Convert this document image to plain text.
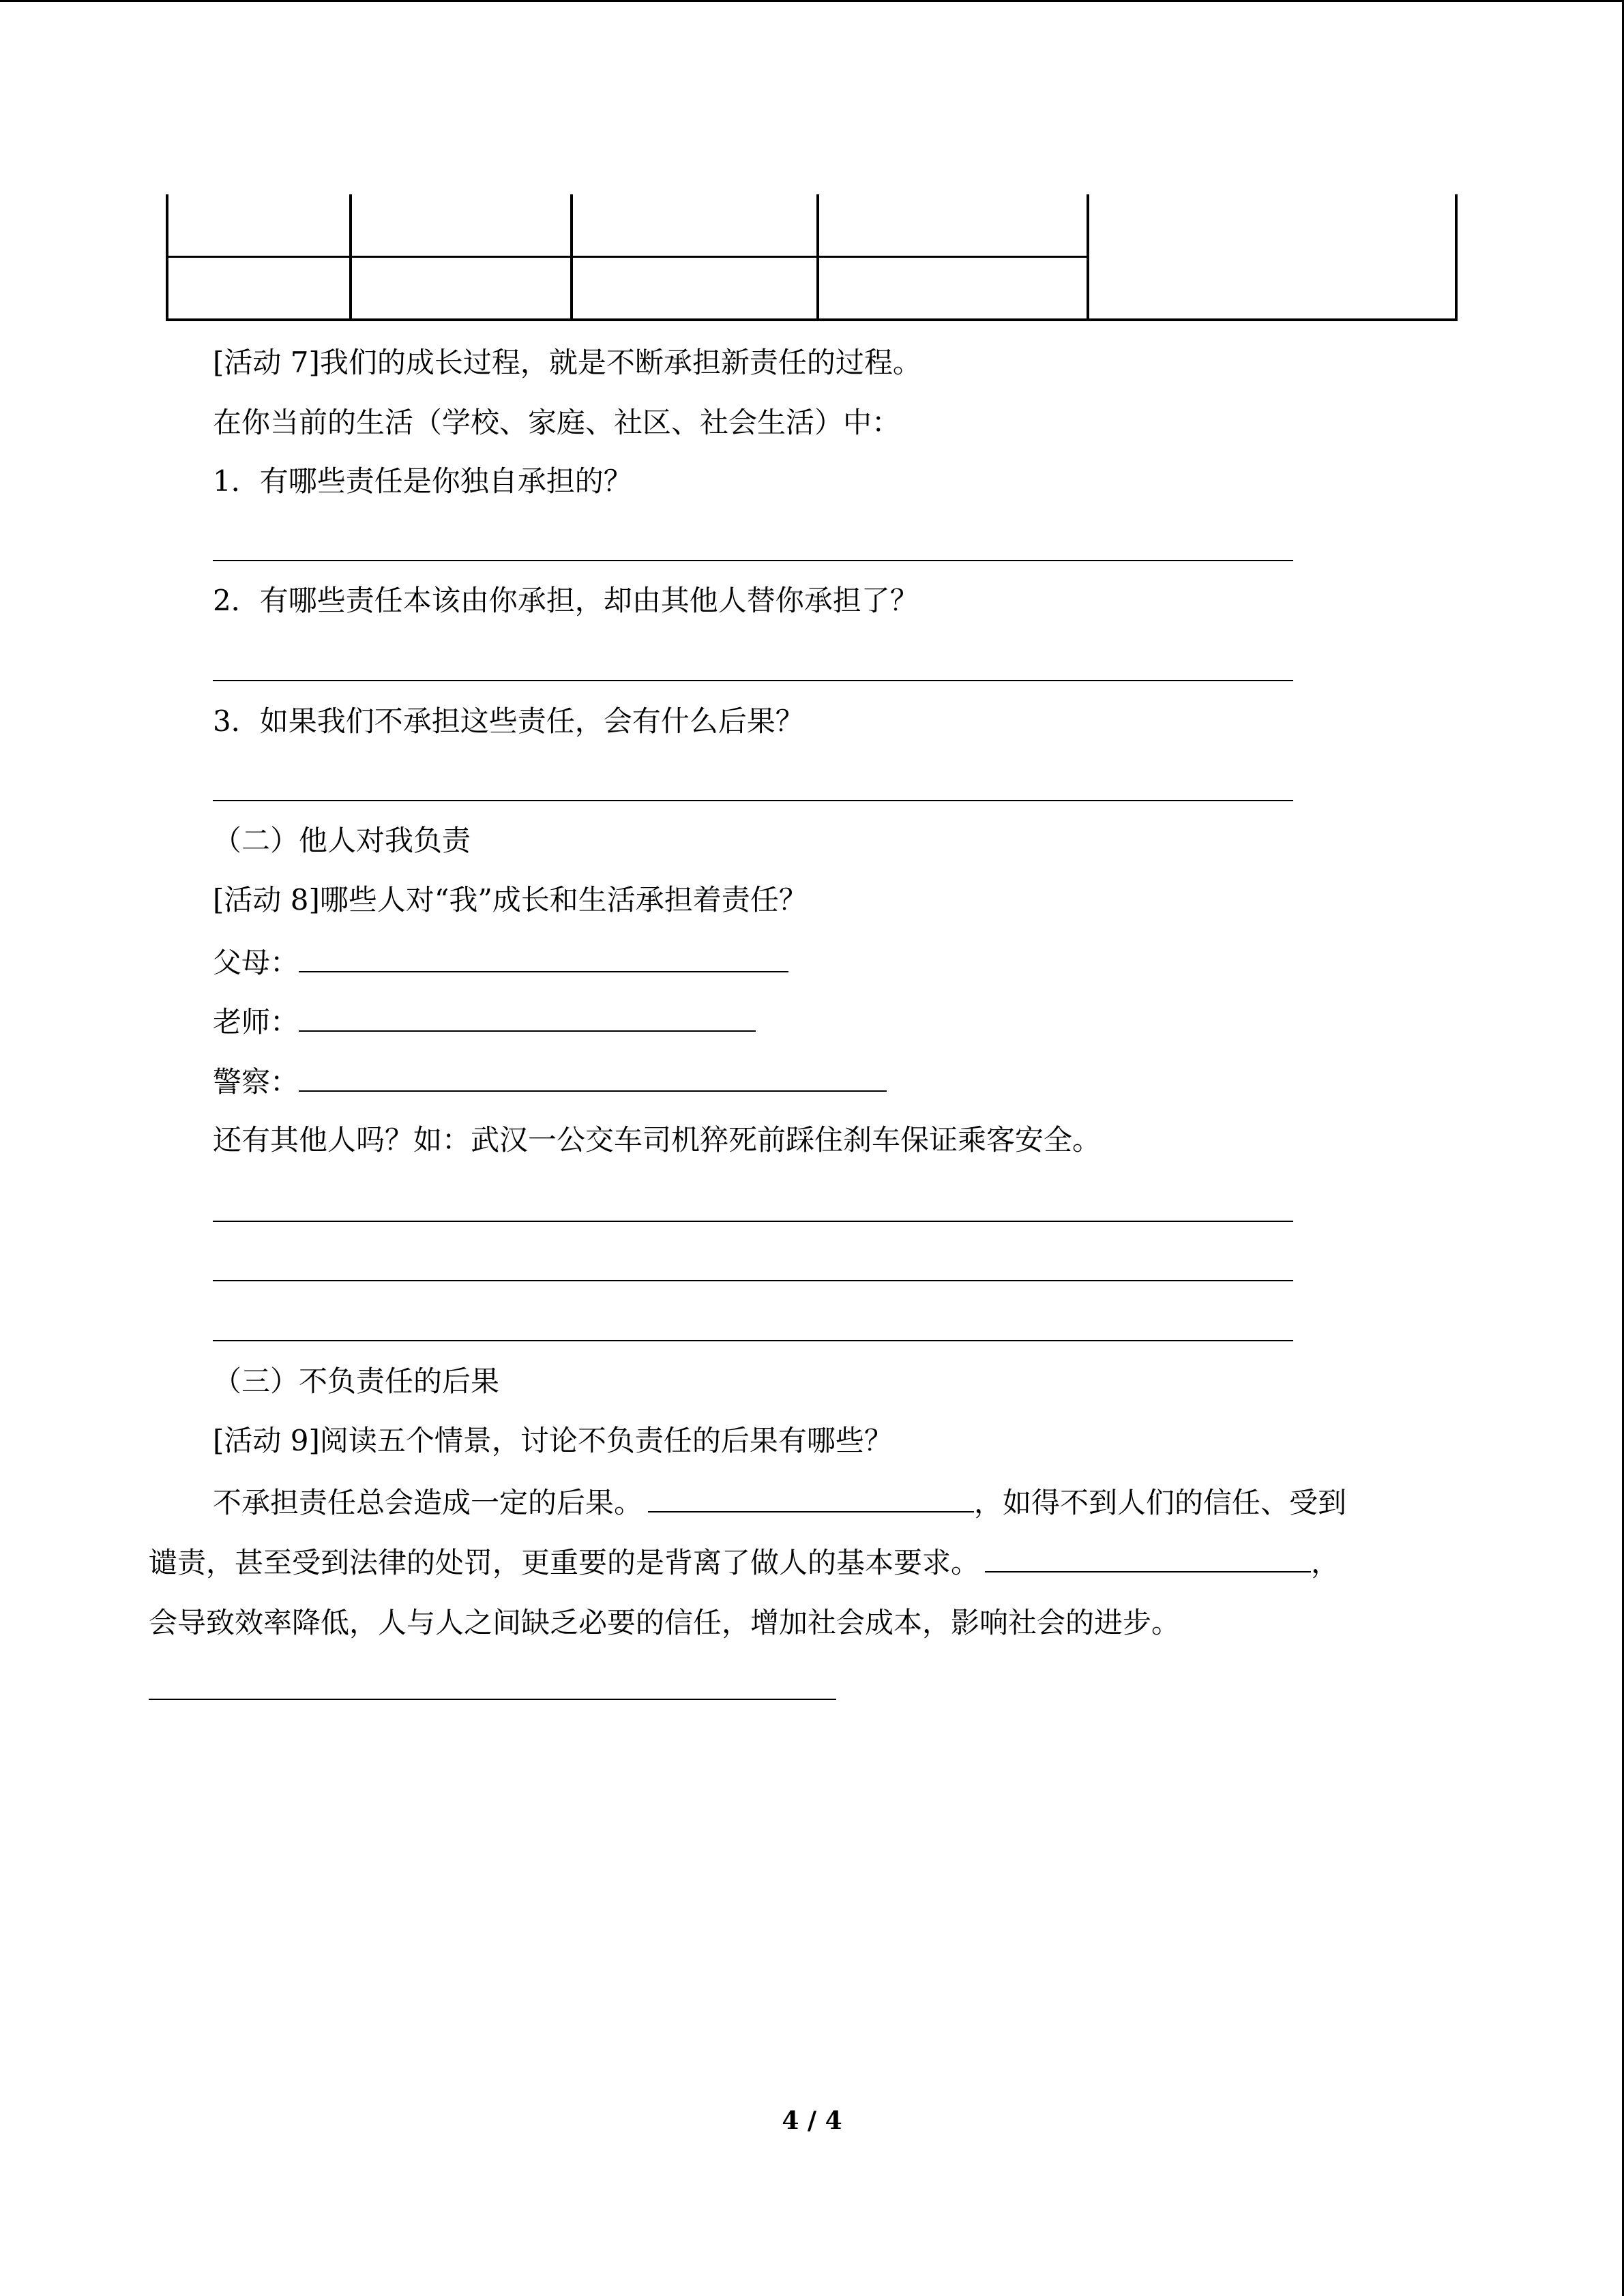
[活动 7]我们的成长过程，就是不断承担新责任的过程。
在你当前的生活（学校、家庭、社区、社会生活）中：
1．有哪些责任是你独自承担的？
2．有哪些责任本该由你承担，却由其他人替你承担了？
3．如果我们不承担这些责任，会有什么后果？
（二）他人对我负责
[活动 8]哪些人对“我”成长和生活承担着责任？
父母：
老师：
警察：
还有其他人吗？如：武汉一公交车司机猝死前踩住刹车保证乘客安全。
（三）不负责任的后果
[活动 9]阅读五个情景，讨论不负责任的后果有哪些？
不承担责任总会造成一定的后果。	，如得不到人们的信任、受到
谴责，甚至受到法律的处罚，更重要的是背离了做人的基本要求。	，
会导致效率降低，人与人之间缺乏必要的信任，增加社会成本，影响社会的进步。
4 / 4
